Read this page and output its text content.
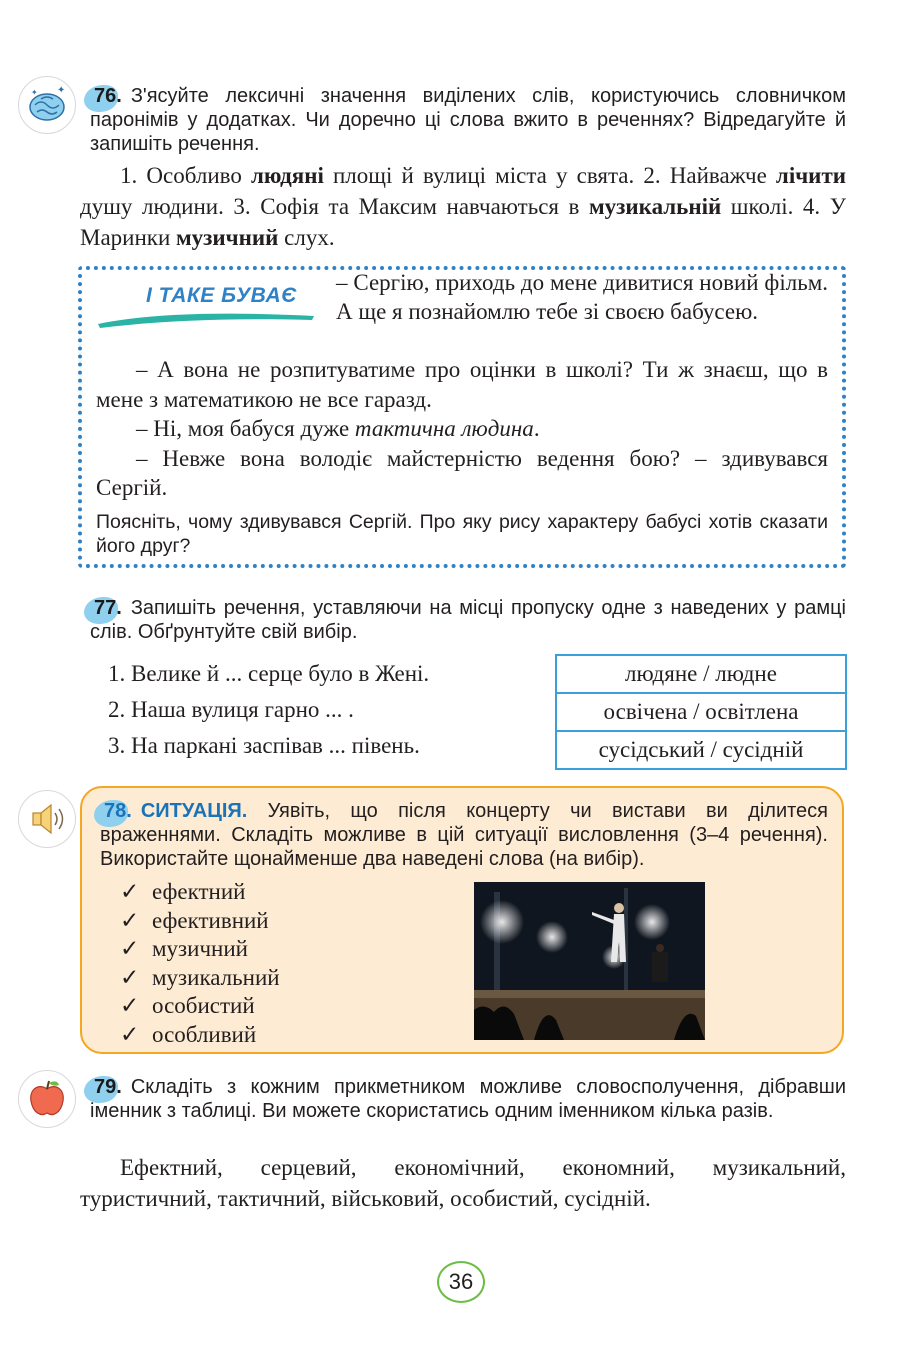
✦
✦	76. З'ясуйте лексичні значення виділених слів, користуючись словничком паронімів у додатках. Чи доречно ці слова вжито в реченнях? Відредагуйте й запишіть речення.
1. Особливо людяні площі й вулиці міста у свята. 2. Найважче лічити душу людини. 3. Софія та Максим навчаються в музикальній школі. 4. У Маринки музичний слух.
І ТАКЕ БУВАЄ
– Сергію, приходь до мене дивитися новий фільм. А ще я познайомлю тебе зі своєю бабусею.
– А вона не розпитуватиме про оцінки в школі? Ти ж знаєш, що в мене з математикою не все гаразд.
– Ні, моя бабуся дуже тактична людина.
– Невже вона володіє майстерністю ведення бою? – здивувався Сергій.
Поясніть, чому здивувався Сергій. Про яку рису характеру бабусі хотів сказати його друг?
77. Запишіть речення, уставляючи на місці пропуску одне з наведених у рамці слів. Обґрунтуйте свій вибір.
1. Велике й ... серце було в Жені.
2. Наша вулиця гарно ... .
3. На паркані заспівав ... півень.
людяне / людне
освічена / освітлена
сусідський / сусідній
78. СИТУАЦІЯ. Уявіть, що після концерту чи вистави ви ділитеся враженнями. Складіть можливе в цій ситуації висловлення (3–4 речення). Використайте щонайменше два наведені слова (на вибір).
✓ ефектний
✓ ефективний
✓ музичний
✓ музикальний
✓ особистий
✓ особливий
79. Складіть з кожним прикметником можливе словосполучення, дібравши іменник з таблиці. Ви можете скористатись одним іменником кілька разів.
Ефектний, серцевий, економічний, економний, музикальний, туристичний, тактичний, військовий, особистий, сусідній.
36
